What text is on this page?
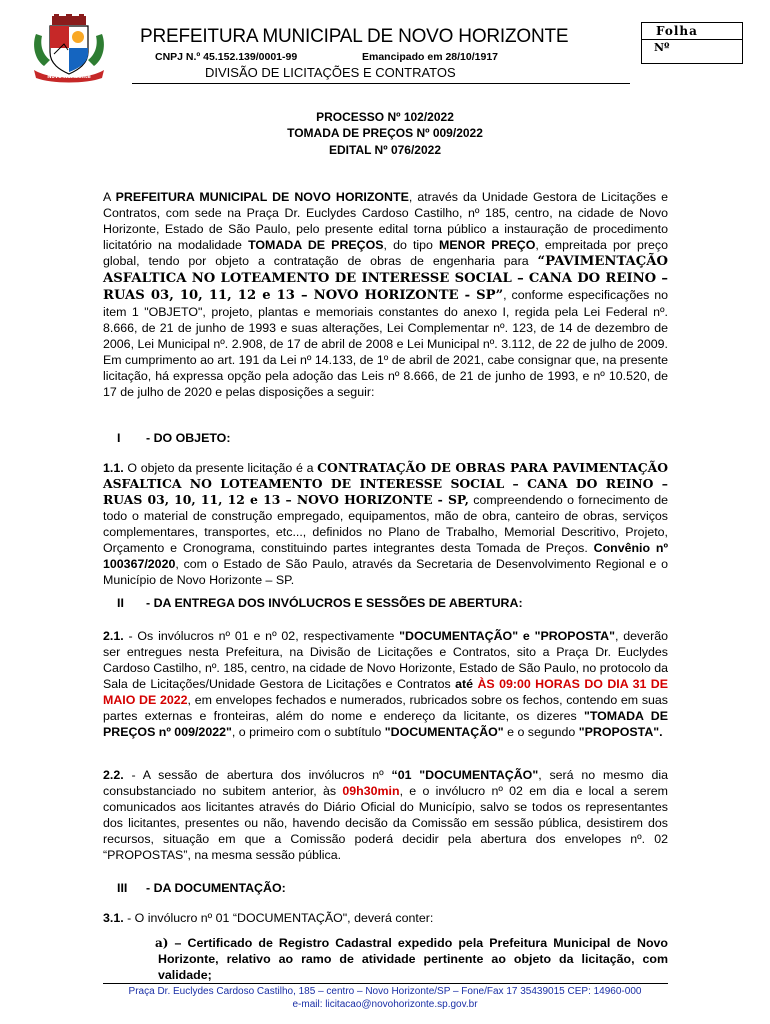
Novo Horizonte
PREFEITURA MUNICIPAL DE NOVO HORIZONTE
CNPJ N.º 45.152.139/0001-99	Emancipado em 28/10/1917
DIVISÃO DE LICITAÇÕES E CONTRATOS
Folha
Nº
PROCESSO Nº 102/2022
TOMADA DE PREÇOS Nº 009/2022
EDITAL Nº 076/2022
A PREFEITURA MUNICIPAL DE NOVO HORIZONTE, através da Unidade Gestora de Licitações e Contratos, com sede na Praça Dr. Euclydes Cardoso Castilho, nº 185, centro, na cidade de Novo Horizonte, Estado de São Paulo, pelo presente edital torna público a instauração de procedimento licitatório na modalidade TOMADA DE PREÇOS, do tipo MENOR PREÇO, empreitada por preço global, tendo por objeto a contratação de obras de engenharia para “PAVIMENTAÇÃO ASFALTICA NO LOTEAMENTO DE INTERESSE SOCIAL – CANA DO REINO – RUAS 03, 10, 11, 12 e 13 – NOVO HORIZONTE - SP”, conforme especificações no item 1 "OBJETO", projeto, plantas e memoriais constantes do anexo I, regida pela Lei Federal nº. 8.666, de 21 de junho de 1993 e suas alterações, Lei Complementar nº. 123, de 14 de dezembro de 2006, Lei Municipal nº. 2.908, de 17 de abril de 2008 e Lei Municipal nº. 3.112, de 22 de julho de 2009. Em cumprimento ao art. 191 da Lei nº 14.133, de 1º de abril de 2021, cabe consignar que, na presente licitação, há expressa opção pela adoção das Leis nº 8.666, de 21 de junho de 1993, e nº 10.520, de 17 de julho de 2020 e pelas disposições a seguir:
I - DO OBJETO:
1.1. O objeto da presente licitação é a CONTRATAÇÃO DE OBRAS PARA PAVIMENTAÇÃO ASFALTICA NO LOTEAMENTO DE INTERESSE SOCIAL – CANA DO REINO – RUAS 03, 10, 11, 12 e 13 – NOVO HORIZONTE - SP, compreendendo o fornecimento de todo o material de construção empregado, equipamentos, mão de obra, canteiro de obras, serviços complementares, transportes, etc..., definidos no Plano de Trabalho, Memorial Descritivo, Projeto, Orçamento e Cronograma, constituindo partes integrantes desta Tomada de Preços. Convênio nº 100367/2020, com o Estado de São Paulo, através da Secretaria de Desenvolvimento Regional e o Município de Novo Horizonte – SP.
II - DA ENTREGA DOS INVÓLUCROS E SESSÕES DE ABERTURA:
2.1. - Os invólucros nº 01 e nº 02, respectivamente "DOCUMENTAÇÃO" e "PROPOSTA", deverão ser entregues nesta Prefeitura, na Divisão de Licitações e Contratos, sito a Praça Dr. Euclydes Cardoso Castilho, nº. 185, centro, na cidade de Novo Horizonte, Estado de São Paulo, no protocolo da Sala de Licitações/Unidade Gestora de Licitações e Contratos até ÀS 09:00 HORAS DO DIA 31 DE MAIO DE 2022, em envelopes fechados e numerados, rubricados sobre os fechos, contendo em suas partes externas e fronteiras, além do nome e endereço da licitante, os dizeres "TOMADA DE PREÇOS nº 009/2022", o primeiro com o subtítulo "DOCUMENTAÇÃO" e o segundo "PROPOSTA".
2.2. - A sessão de abertura dos invólucros nº “01 "DOCUMENTAÇÃO", será no mesmo dia consubstanciado no subitem anterior, às 09h30min, e o invólucro nº 02 em dia e local a serem comunicados aos licitantes através do Diário Oficial do Município, salvo se todos os representantes dos licitantes, presentes ou não, havendo decisão da Comissão em sessão pública, desistirem dos recursos, situação em que a Comissão poderá decidir pela abertura dos envelopes nº. 02 “PROPOSTAS”, na mesma sessão pública.
III - DA DOCUMENTAÇÃO:
3.1. - O invólucro nº 01 “DOCUMENTAÇÃO", deverá conter:
a) – Certificado de Registro Cadastral expedido pela Prefeitura Municipal de Novo Horizonte, relativo ao ramo de atividade pertinente ao objeto da licitação, com validade;
Praça Dr. Euclydes Cardoso Castilho, 185 – centro – Novo Horizonte/SP – Fone/Fax 17 35439015 CEP: 14960-000
e-mail: licitacao@novohorizonte.sp.gov.br
